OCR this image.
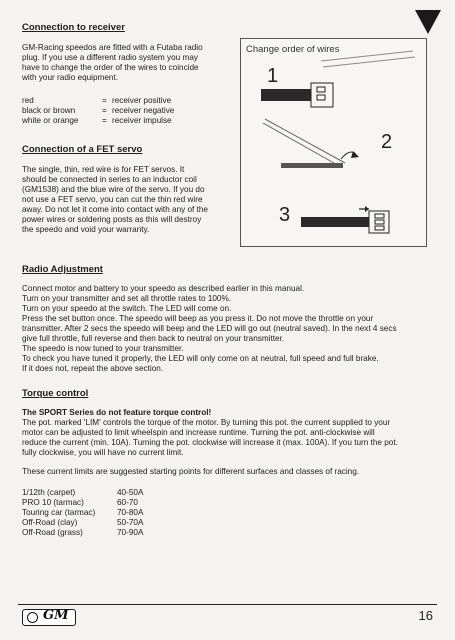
Connection to receiver
GM-Racing speedos are fitted with a Futaba radio
plug. If you use a different radio system you may
have to change the order of the wires to coincide
with your radio equipment.
red	= receiver positive
black or brown	= receiver negative
white or orange	= receiver impulse
Change order of wires
1
2
3
Connection of a FET servo
The single, thin, red wire is for FET servos. It
should be connected in series to an inductor coil
(GM1538) and the blue wire of the servo. If you do
not use a FET servo, you can cut the thin red wire
away. Do not let it come into contact with any of the
power wires or soldering posts as this will destroy
the speedo and void your warranty.
Radio Adjustment
Connect motor and battery to your speedo as described earlier in this manual.
Turn on your transmitter and set all throttle rates to 100%.
Turn on your speedo at the switch. The LED will come on.
Press the set button once. The speedo will beep as you press it. Do not move the throttle on your
transmitter. After 2 secs the speedo will beep and the LED will go out (neutral saved). In the next 4 secs
give full throttle, full reverse and then back to neutral on your transmitter.
The speedo is now tuned to your transmitter.
To check you have tuned it properly, the LED will only come on at neutral, full speed and full brake.
If it does not, repeat the above section.
Torque control
The SPORT Series do not feature torque control!
The pot. marked 'LIM' controls the torque of the motor. By turning this pot. the current supplied to your
motor can be adjusted to limit wheelspin and increase runtime. Turning the pot. anti-clockwise will
reduce the current (min. 10A). Turning the pot. clockwise will increase it (max. 100A). If you turn the pot.
fully clockwise, you will have no current limit.
These current limits are suggested starting points for different surfaces and classes of racing.
1/12th (carpet)	40-50A
PRO 10 (tarmac)	60-70
Touring car (tarmac)	70-80A
Off-Road (clay)	50-70A
Off-Road (grass)	70-90A
GM	16
